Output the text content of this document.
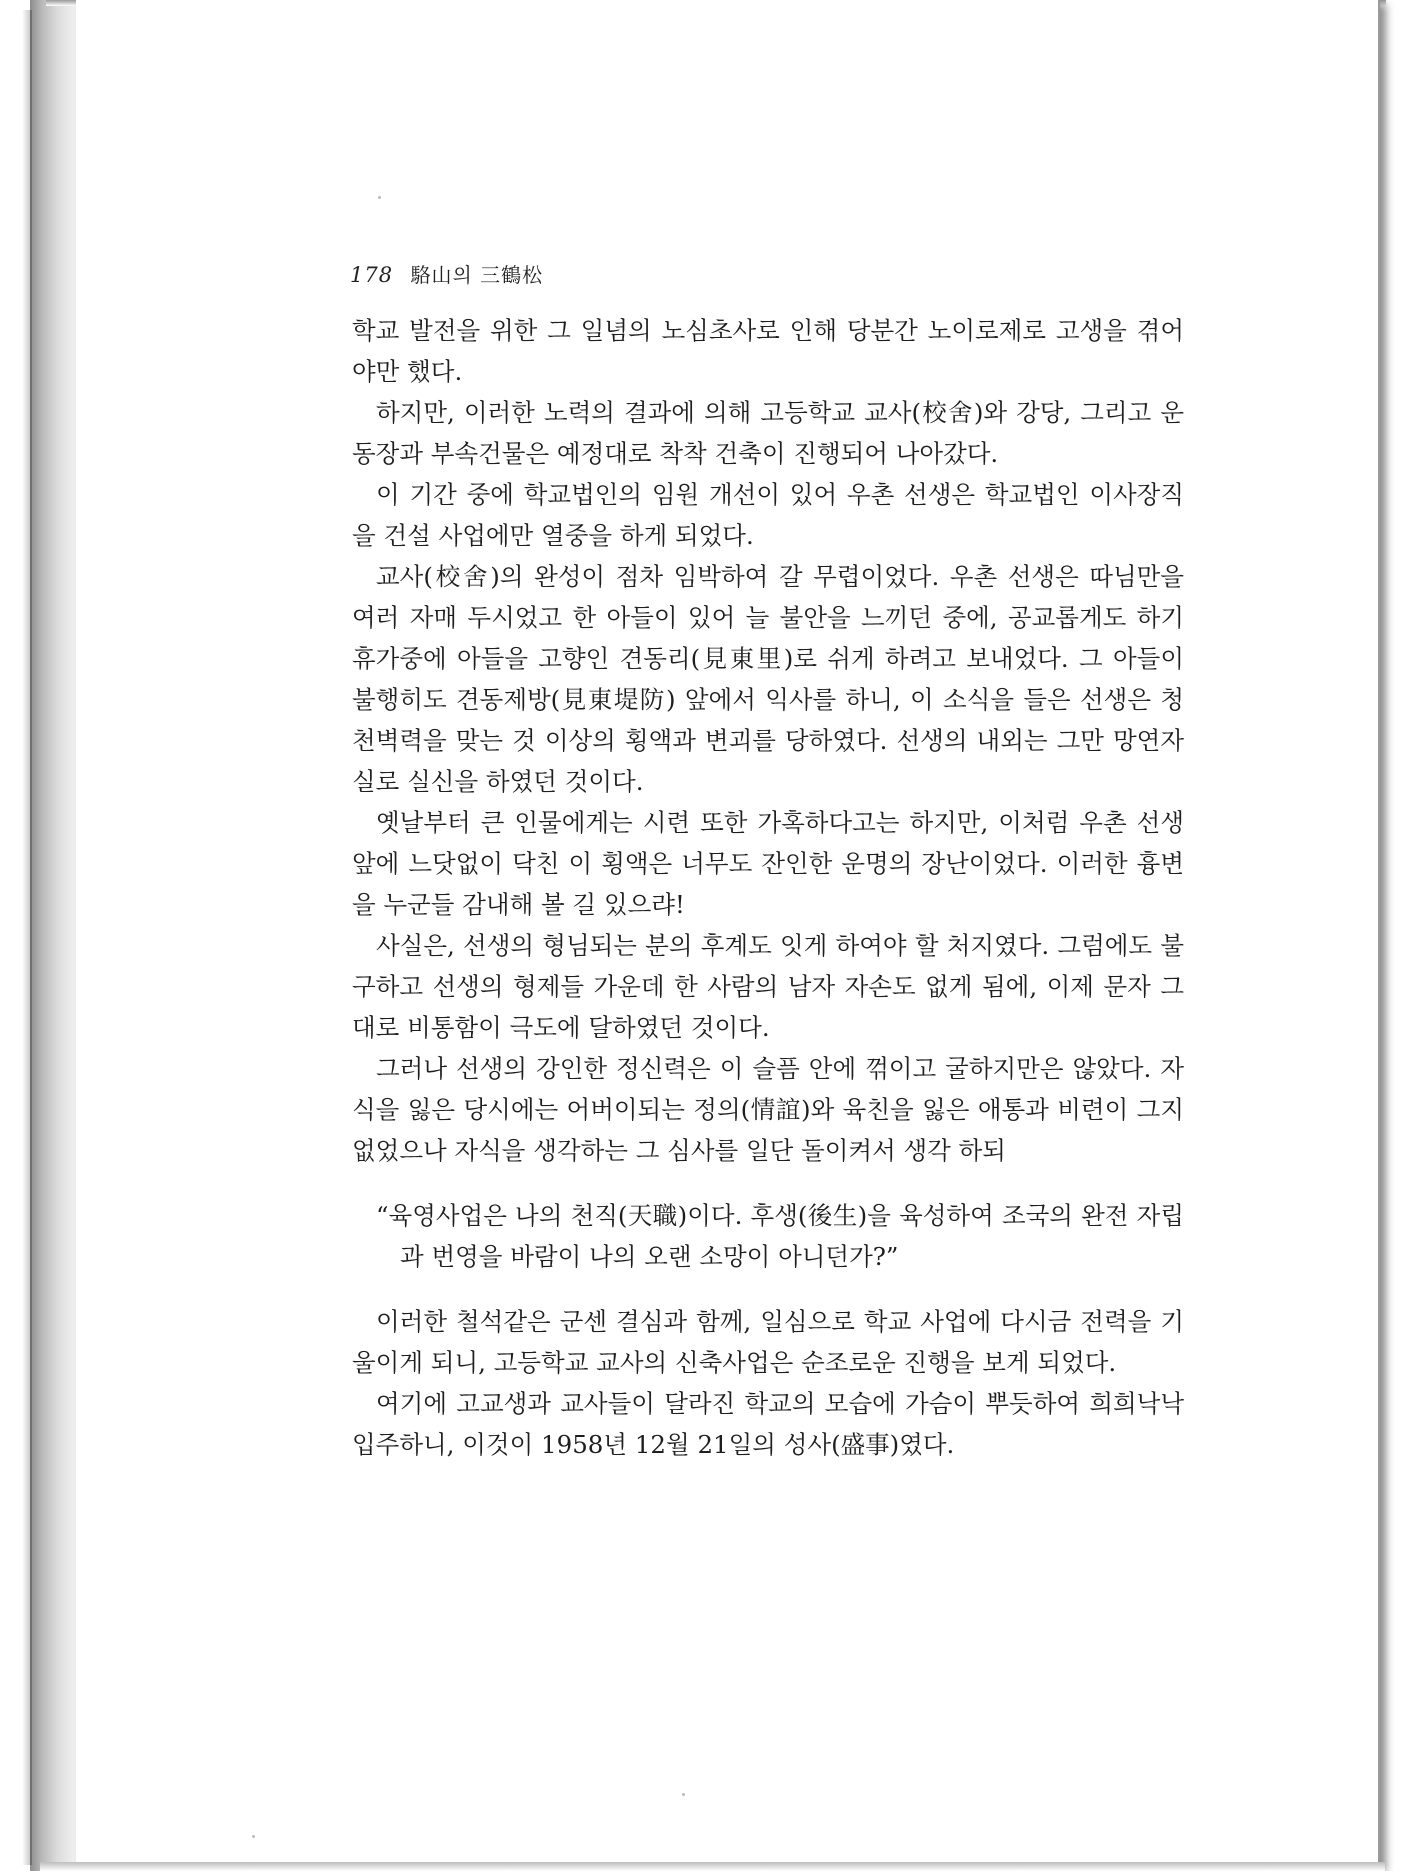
178 駱山의 三鶴松

학교 발전을 위한 그 일념의 노심초사로 인해 당분간 노이로제로 고생을 겪어야만 했다.

하지만, 이러한 노력의 결과에 의해 고등학교 교사(校舍)와 강당, 그리고 운동장과 부속건물은 예정대로 착착 건축이 진행되어 나아갔다.

이 기간 중에 학교법인의 임원 개선이 있어 우촌 선생은 학교법인 이사장직을 건설 사업에만 열중을 하게 되었다.

교사(校舍)의 완성이 점차 임박하여 갈 무렵이었다. 우촌 선생은 따님만을 여러 자매 두시었고 한 아들이 있어 늘 불안을 느끼던 중에, 공교롭게도 하기 휴가중에 아들을 고향인 견동리(見東里)로 쉬게 하려고 보내었다. 그 아들이 불행히도 견동제방(見東堤防) 앞에서 익사를 하니, 이 소식을 들은 선생은 청천벽력을 맞는 것 이상의 횡액과 변괴를 당하였다. 선생의 내외는 그만 망연자실로 실신을 하였던 것이다.

옛날부터 큰 인물에게는 시련 또한 가혹하다고는 하지만, 이처럼 우촌 선생 앞에 느닷없이 닥친 이 횡액은 너무도 잔인한 운명의 장난이었다. 이러한 흉변을 누군들 감내해 볼 길 있으랴!

사실은, 선생의 형님되는 분의 후계도 잇게 하여야 할 처지였다. 그럼에도 불구하고 선생의 형제들 가운데 한 사람의 남자 자손도 없게 됨에, 이제 문자 그대로 비통함이 극도에 달하였던 것이다.

그러나 선생의 강인한 정신력은 이 슬픔 안에 꺾이고 굴하지만은 않았다. 자식을 잃은 당시에는 어버이되는 정의(情誼)와 육친을 잃은 애통과 비련이 그지 없었으나 자식을 생각하는 그 심사를 일단 돌이켜서 생각 하되

“육영사업은 나의 천직(天職)이다. 후생(後生)을 육성하여 조국의 완전 자립과 번영을 바람이 나의 오랜 소망이 아니던가?”

이러한 철석같은 군센 결심과 함께, 일심으로 학교 사업에 다시금 전력을 기울이게 되니, 고등학교 교사의 신축사업은 순조로운 진행을 보게 되었다.

여기에 고교생과 교사들이 달라진 학교의 모습에 가슴이 뿌듯하여 희희낙낙 입주하니, 이것이 1958년 12월 21일의 성사(盛事)였다.
